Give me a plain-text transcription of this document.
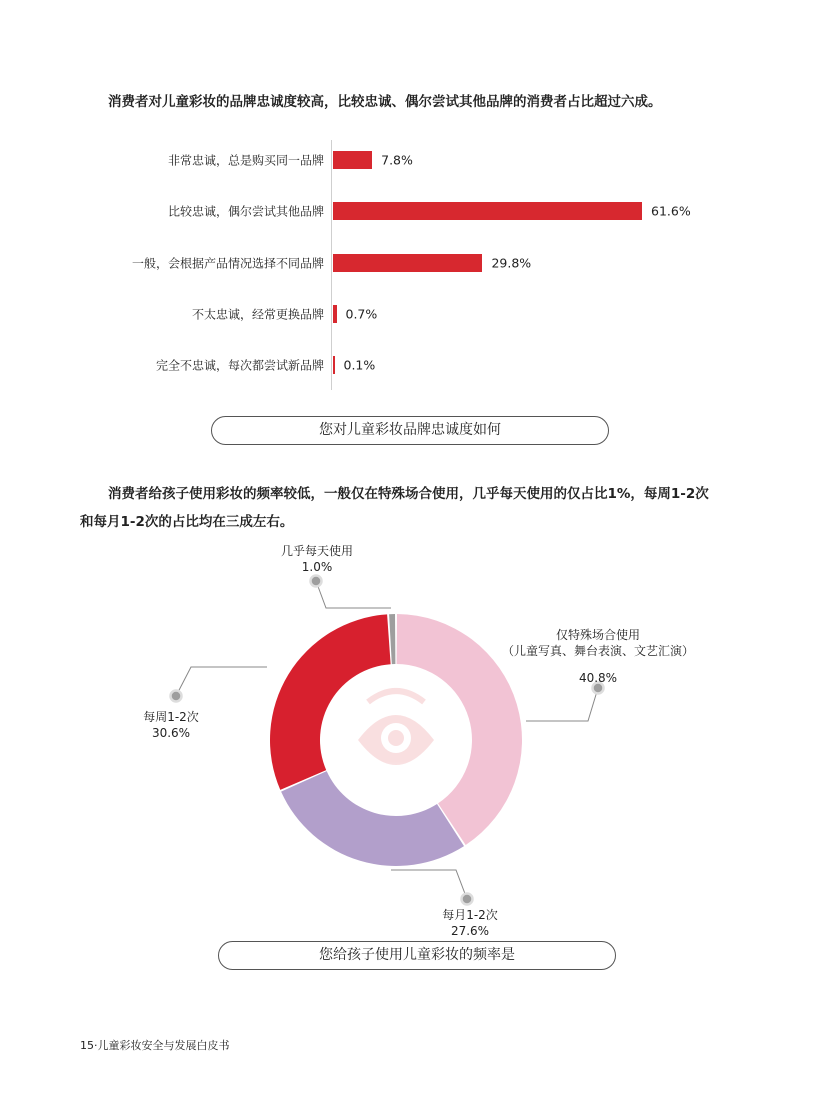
消费者对儿童彩妆的品牌忠诚度较高，比较忠诚、偶尔尝试其他品牌的消费者占比超过六成。
非常忠诚，总是购买同一品牌	7.8%
比较忠诚，偶尔尝试其他品牌	61.6%
一般，会根据产品情况选择不同品牌	29.8%
不太忠诚，经常更换品牌 0.7%
完全不忠诚，每次都尝试新品牌 0.1%
您对儿童彩妆品牌忠诚度如何
消费者给孩子使用彩妆的频率较低，一般仅在特殊场合使用，几乎每天使用的仅占比1%，每周1-2次
和每月1-2次的占比均在三成左右。
几乎每天使用
1.0%
仅特殊场合使用
（儿童写真、舞台表演、文艺汇演）
40.8%
每周1-2次
30.6%
每月1-2次
27.6%
您给孩子使用儿童彩妆的频率是
15·儿童彩妆安全与发展白皮书
